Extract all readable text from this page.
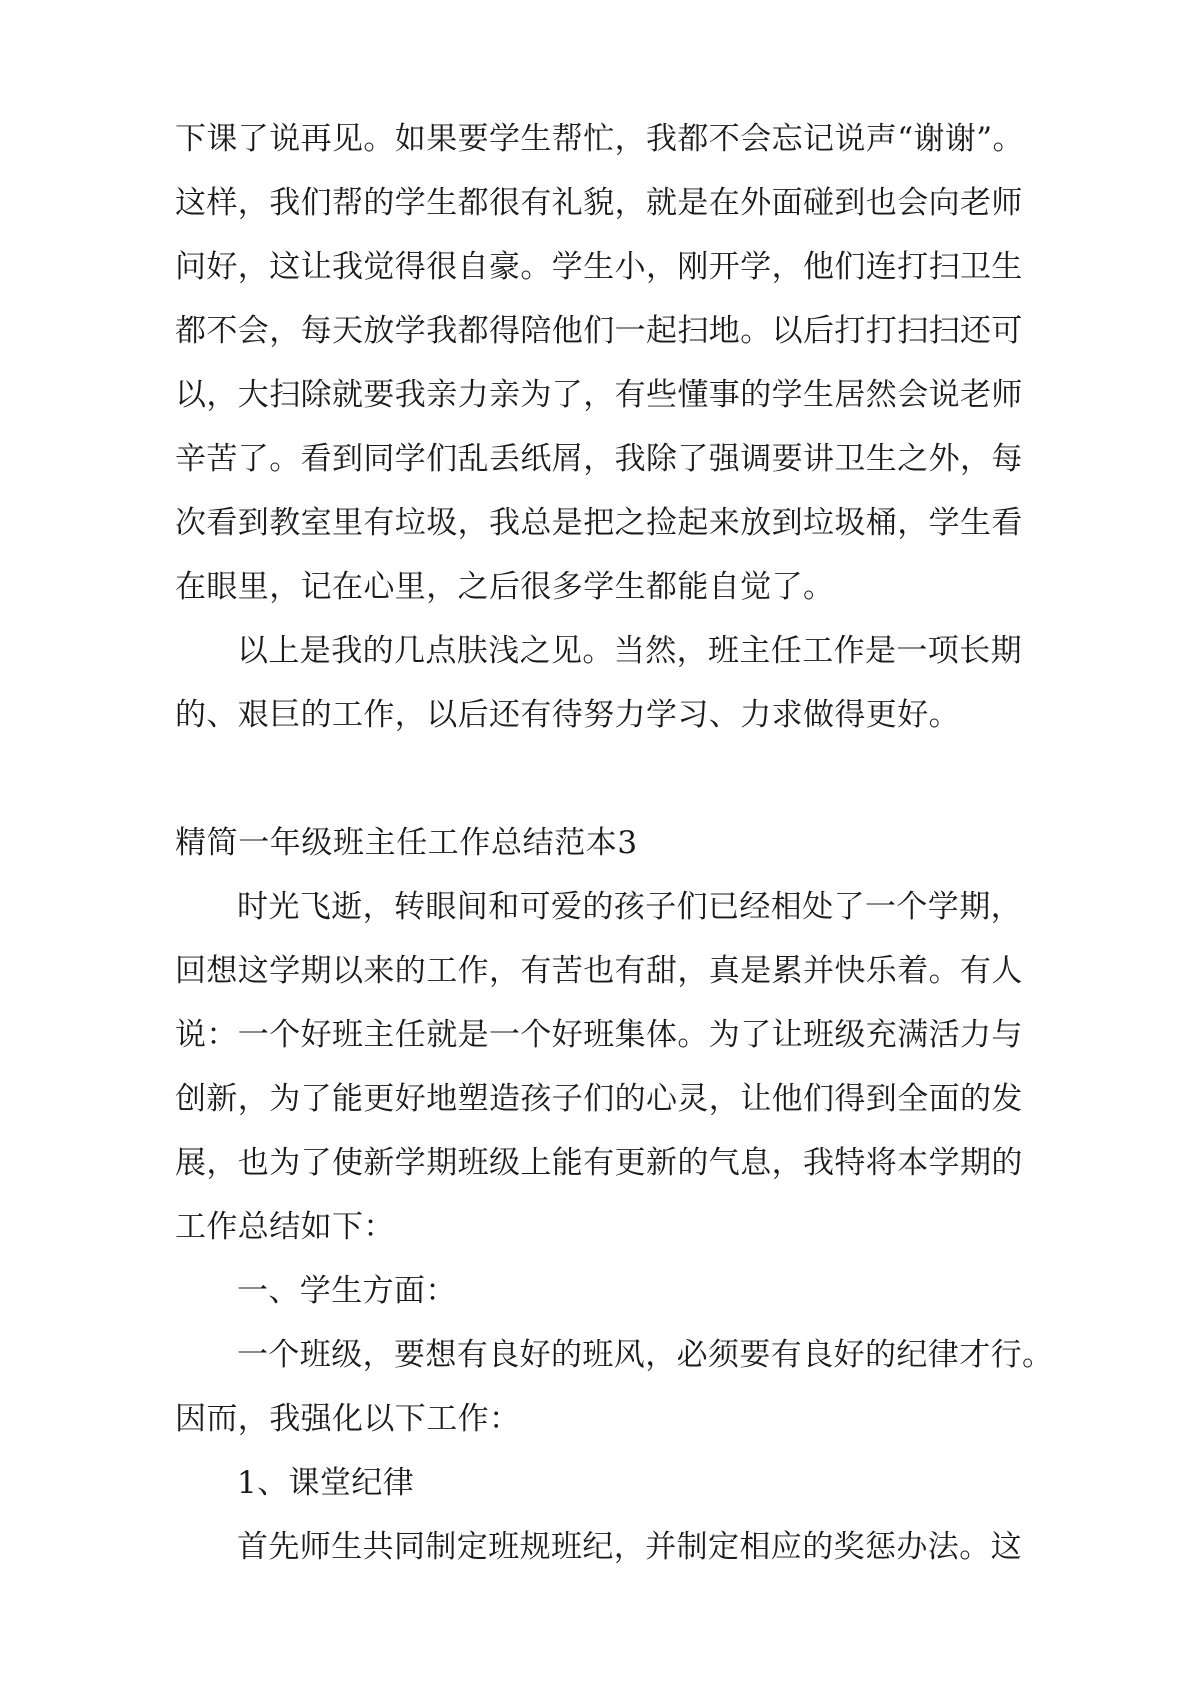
下课了说再见。如果要学生帮忙，我都不会忘记说声“谢谢”。
这样，我们帮的学生都很有礼貌，就是在外面碰到也会向老师
问好，这让我觉得很自豪。学生小，刚开学，他们连打扫卫生
都不会，每天放学我都得陪他们一起扫地。以后打打扫扫还可
以，大扫除就要我亲力亲为了，有些懂事的学生居然会说老师
辛苦了。看到同学们乱丢纸屑，我除了强调要讲卫生之外，每
次看到教室里有垃圾，我总是把之捡起来放到垃圾桶，学生看
在眼里，记在心里，之后很多学生都能自觉了。
以上是我的几点肤浅之见。当然，班主任工作是一项长期
的、艰巨的工作，以后还有待努力学习、力求做得更好。
精简一年级班主任工作总结范本3
时光飞逝，转眼间和可爱的孩子们已经相处了一个学期，
回想这学期以来的工作，有苦也有甜，真是累并快乐着。有人
说：一个好班主任就是一个好班集体。为了让班级充满活力与
创新，为了能更好地塑造孩子们的心灵，让他们得到全面的发
展，也为了使新学期班级上能有更新的气息，我特将本学期的
工作总结如下：
一、学生方面：
一个班级，要想有良好的班风，必须要有良好的纪律才行。
因而，我强化以下工作：
1、课堂纪律
首先师生共同制定班规班纪，并制定相应的奖惩办法。这
